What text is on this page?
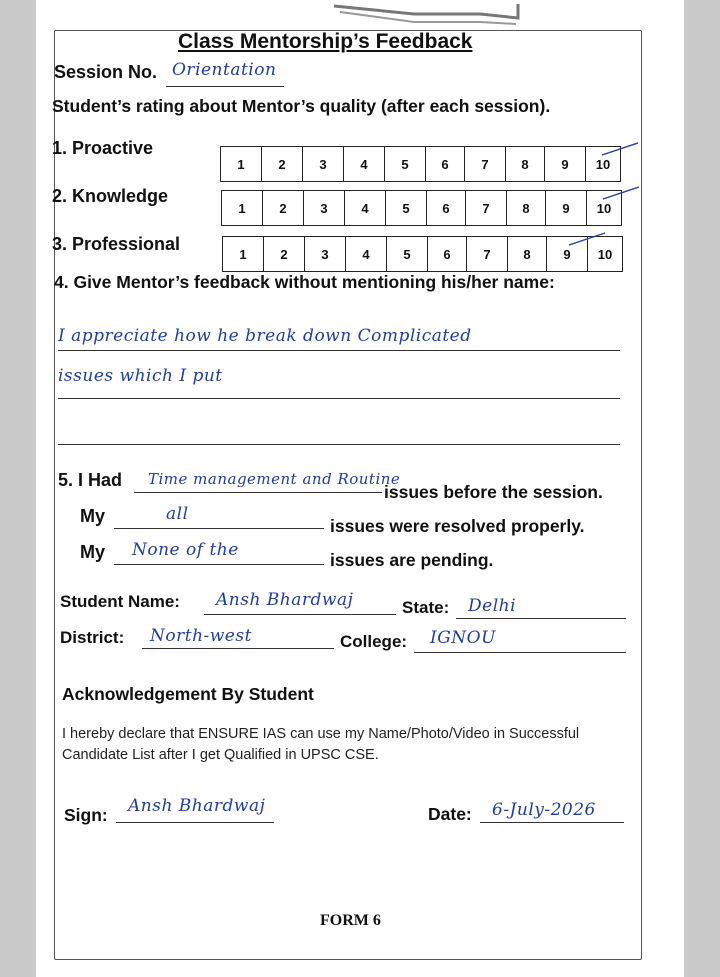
Class Mentorship’s Feedback
Session No. Orientation
Student’s rating about Mentor’s quality (after each session).
1. Proactive
1	2	3	4	5	6	7	8	9	10
2. Knowledge
1	2	3	4	5	6	7	8	9	10
3. Professional	1	2	3	4	5	6	7	8	9	10
4. Give Mentor’s feedback without mentioning his/her name:
I appreciate how he break down Complicated
issues which I put
5. I Had Time management and Routine
issues before the session.
My	all
issues were resolved properly.
My None of the	issues are pending.
Student Name: Ansh Bhardwaj	State: Delhi
District: North-west	College: IGNOU
Acknowledgement By Student
I hereby declare that ENSURE IAS can use my Name/Photo/Video in Successful Candidate List after I get Qualified in UPSC CSE.
Sign: Ansh Bhardwaj	Date: 6-July-2026
FORM 6
